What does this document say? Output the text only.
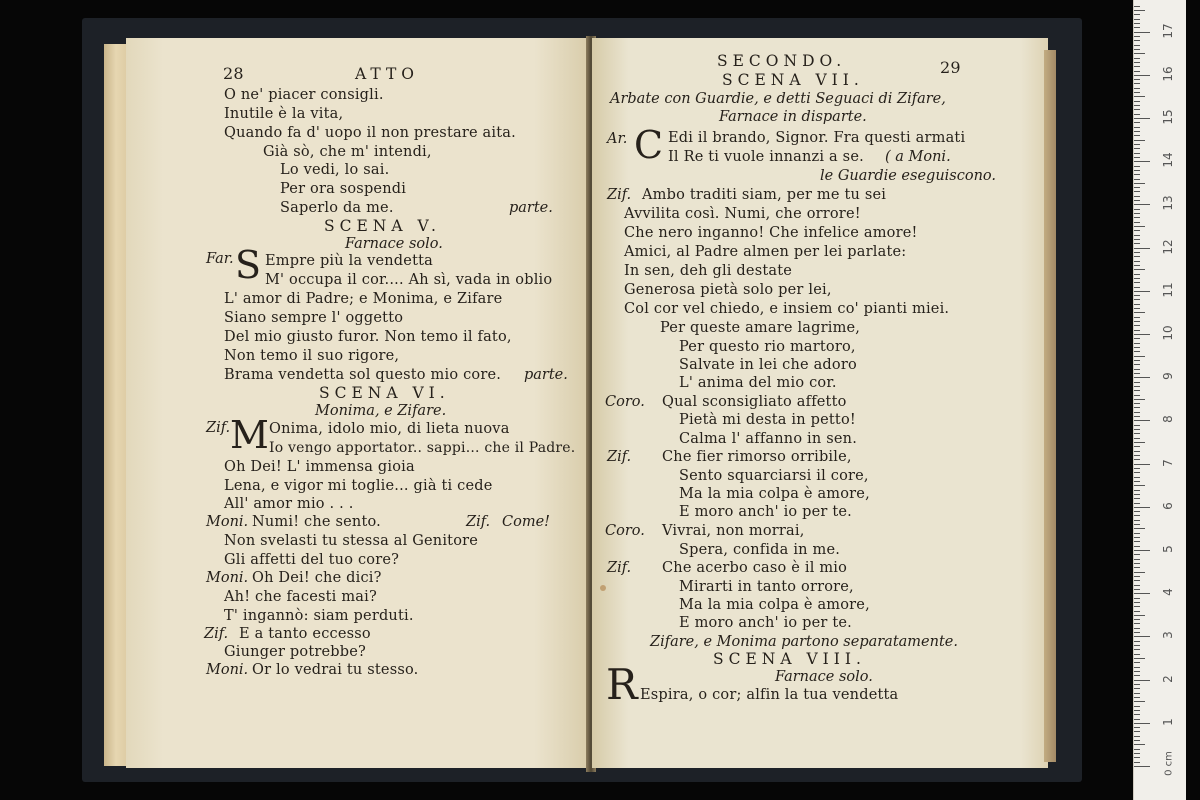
28	ATTO
O ne' piacer consigli.
Inutile è la vita,
Quando fa d' uopo il non prestare aita.
Già sò, che m' intendi,
Lo vedi, lo sai.
Per ora sospendi
Saperlo da me.	parte.
SCENA V.
Farnace solo.
Far. S Empre più la vendetta
M' occupa il cor.... Ah sì, vada in oblio
L' amor di Padre; e Monima, e Zifare
Siano sempre l' oggetto
Del mio giusto furor. Non temo il fato,
Non temo il suo rigore,
Brama vendetta sol questo mio core. parte.
SCENA VI.
Monima, e Zifare.
Zif. M Onima, idolo mio, di lieta nuova
Io vengo apportator.. sappi... che il Padre.
Oh Dei! L' immensa gioia
Lena, e vigor mi toglie... già ti cede
All' amor mio . . .
Moni. Numi! che sento.	Zif. Come!
Non svelasti tu stessa al Genitore
Gli affetti del tuo core?
Moni. Oh Dei! che dici?
Ah! che facesti mai?
T' ingannò: siam perduti.
Zif. E a tanto eccesso
Giunger potrebbe?
Moni. Or lo vedrai tu stesso.
SECONDO.	29
SCENA VII.
Arbate con Guardie, e detti Seguaci di Zifare,
Farnace in disparte.
Ar. C Edi il brando, Signor. Fra questi armati
Il Re ti vuole innanzi a se. ( a Moni.
le Guardie eseguiscono.
Zif. Ambo traditi siam, per me tu sei
Avvilita così. Numi, che orrore!
Che nero inganno! Che infelice amore!
Amici, al Padre almen per lei parlate:
In sen, deh gli destate
Generosa pietà solo per lei,
Col cor vel chiedo, e insiem co' pianti miei.
Per queste amare lagrime,
Per questo rio martoro,
Salvate in lei che adoro
L' anima del mio cor.
Coro. Qual sconsigliato affetto
Pietà mi desta in petto!
Calma l' affanno in sen.
Zif. Che fier rimorso orribile,
Sento squarciarsi il core,
Ma la mia colpa è amore,
E moro anch' io per te.
Coro. Vivrai, non morrai,
Spera, confida in me.
Zif. Che acerbo caso è il mio
Mirarti in tanto orrore,
Ma la mia colpa è amore,
E moro anch' io per te.
Zifare, e Monima partono separatamente.
SCENA VIII.
Farnace solo.
R Espira, o cor; alfin la tua vendetta
0 cm
17
16
15
14
13
12
11
10
9
8
7
6
5
4
3
2
1
